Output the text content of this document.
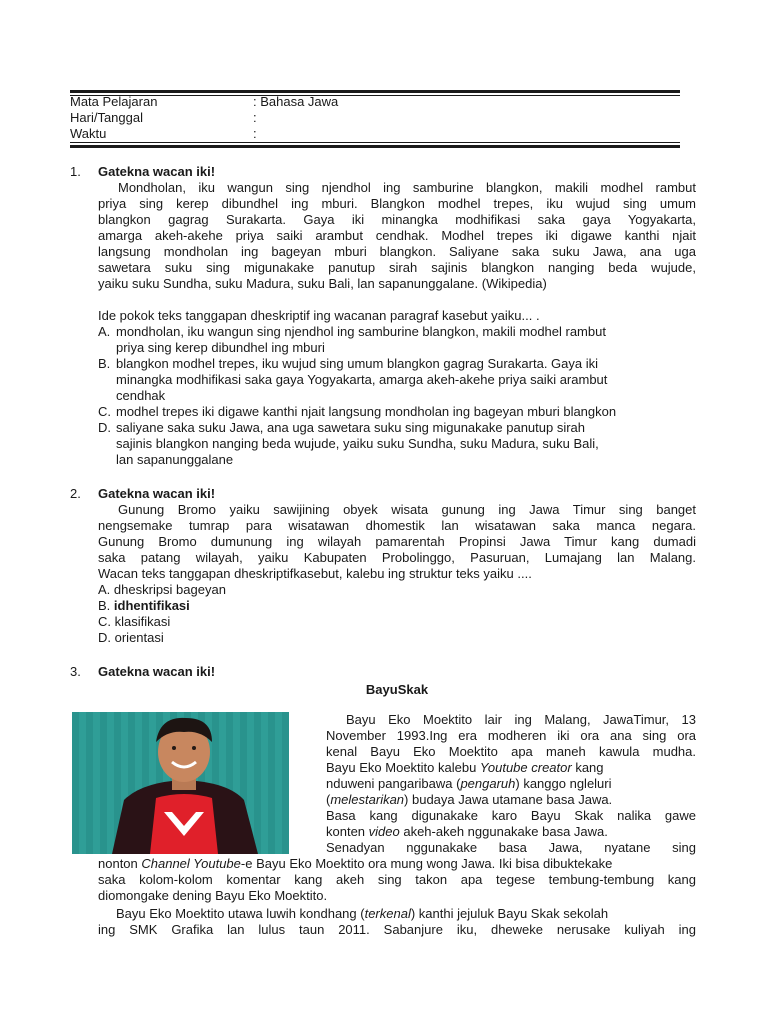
Mata Pelajaran	: Bahasa Jawa
Hari/Tanggal	:
Waktu	:
1. Gatekna wacan iki!
Mondholan, iku wangun sing njendhol ing samburine blangkon, makili modhel rambut
priya sing kerep dibundhel ing mburi. Blangkon modhel trepes, iku wujud sing umum
blangkon gagrag Surakarta. Gaya iki minangka modhifikasi saka gaya Yogyakarta,
amarga akeh-akehe priya saiki arambut cendhak. Modhel trepes iki digawe kanthi njait
langsung mondholan ing bageyan mburi blangkon. Saliyane saka suku Jawa, ana uga
sawetara suku sing migunakake panutup sirah sajinis blangkon nanging beda wujude,
yaiku suku Sundha, suku Madura, suku Bali, lan sapanunggalane. (Wikipedia)
Ide pokok teks tanggapan dheskriptif ing wacanan paragraf kasebut yaiku... .
A. mondholan, iku wangun sing njendhol ing samburine blangkon, makili modhel rambut
priya sing kerep dibundhel ing mburi
B. blangkon modhel trepes, iku wujud sing umum blangkon gagrag Surakarta. Gaya iki
minangka modhifikasi saka gaya Yogyakarta, amarga akeh-akehe priya saiki arambut
cendhak
C. modhel trepes iki digawe kanthi njait langsung mondholan ing bageyan mburi blangkon
D. saliyane saka suku Jawa, ana uga sawetara suku sing migunakake panutup sirah
sajinis blangkon nanging beda wujude, yaiku suku Sundha, suku Madura, suku Bali,
lan sapanunggalane
2. Gatekna wacan iki!
Gunung Bromo yaiku sawijining obyek wisata gunung ing Jawa Timur sing banget
nengsemake tumrap para wisatawan dhomestik lan wisatawan saka manca negara.
Gunung Bromo dumunung ing wilayah pamarentah Propinsi Jawa Timur kang dumadi
saka patang wilayah, yaiku Kabupaten Probolinggo, Pasuruan, Lumajang lan Malang.
Wacan teks tanggapan dheskriptifkasebut, kalebu ing struktur teks yaiku ....
A. dheskripsi bageyan
B. idhentifikasi
C. klasifikasi
D. orientasi
3. Gatekna wacan iki!
BayuSkak
Bayu Eko Moektito lair ing Malang, JawaTimur, 13
November 1993.Ing era modheren iki ora ana sing ora
kenal Bayu Eko Moektito apa maneh kawula mudha.
Bayu Eko Moektito kalebu Youtube creator kang
nduweni pangaribawa (pengaruh) kanggo ngleluri
(melestarikan) budaya Jawa utamane basa Jawa.
Basa kang digunakake karo Bayu Skak nalika gawe
konten video akeh-akeh nggunakake basa Jawa.
Senadyan nggunakake basa Jawa, nyatane sing
nonton Channel Youtube-e Bayu Eko Moektito ora mung wong Jawa. Iki bisa dibuktekake
saka kolom-kolom komentar kang akeh sing takon apa tegese tembung-tembung kang
diomongake dening Bayu Eko Moektito.
Bayu Eko Moektito utawa luwih kondhang (terkenal) kanthi jejuluk Bayu Skak sekolah
ing SMK Grafika lan lulus taun 2011. Sabanjure iku, dheweke nerusake kuliyah ing
